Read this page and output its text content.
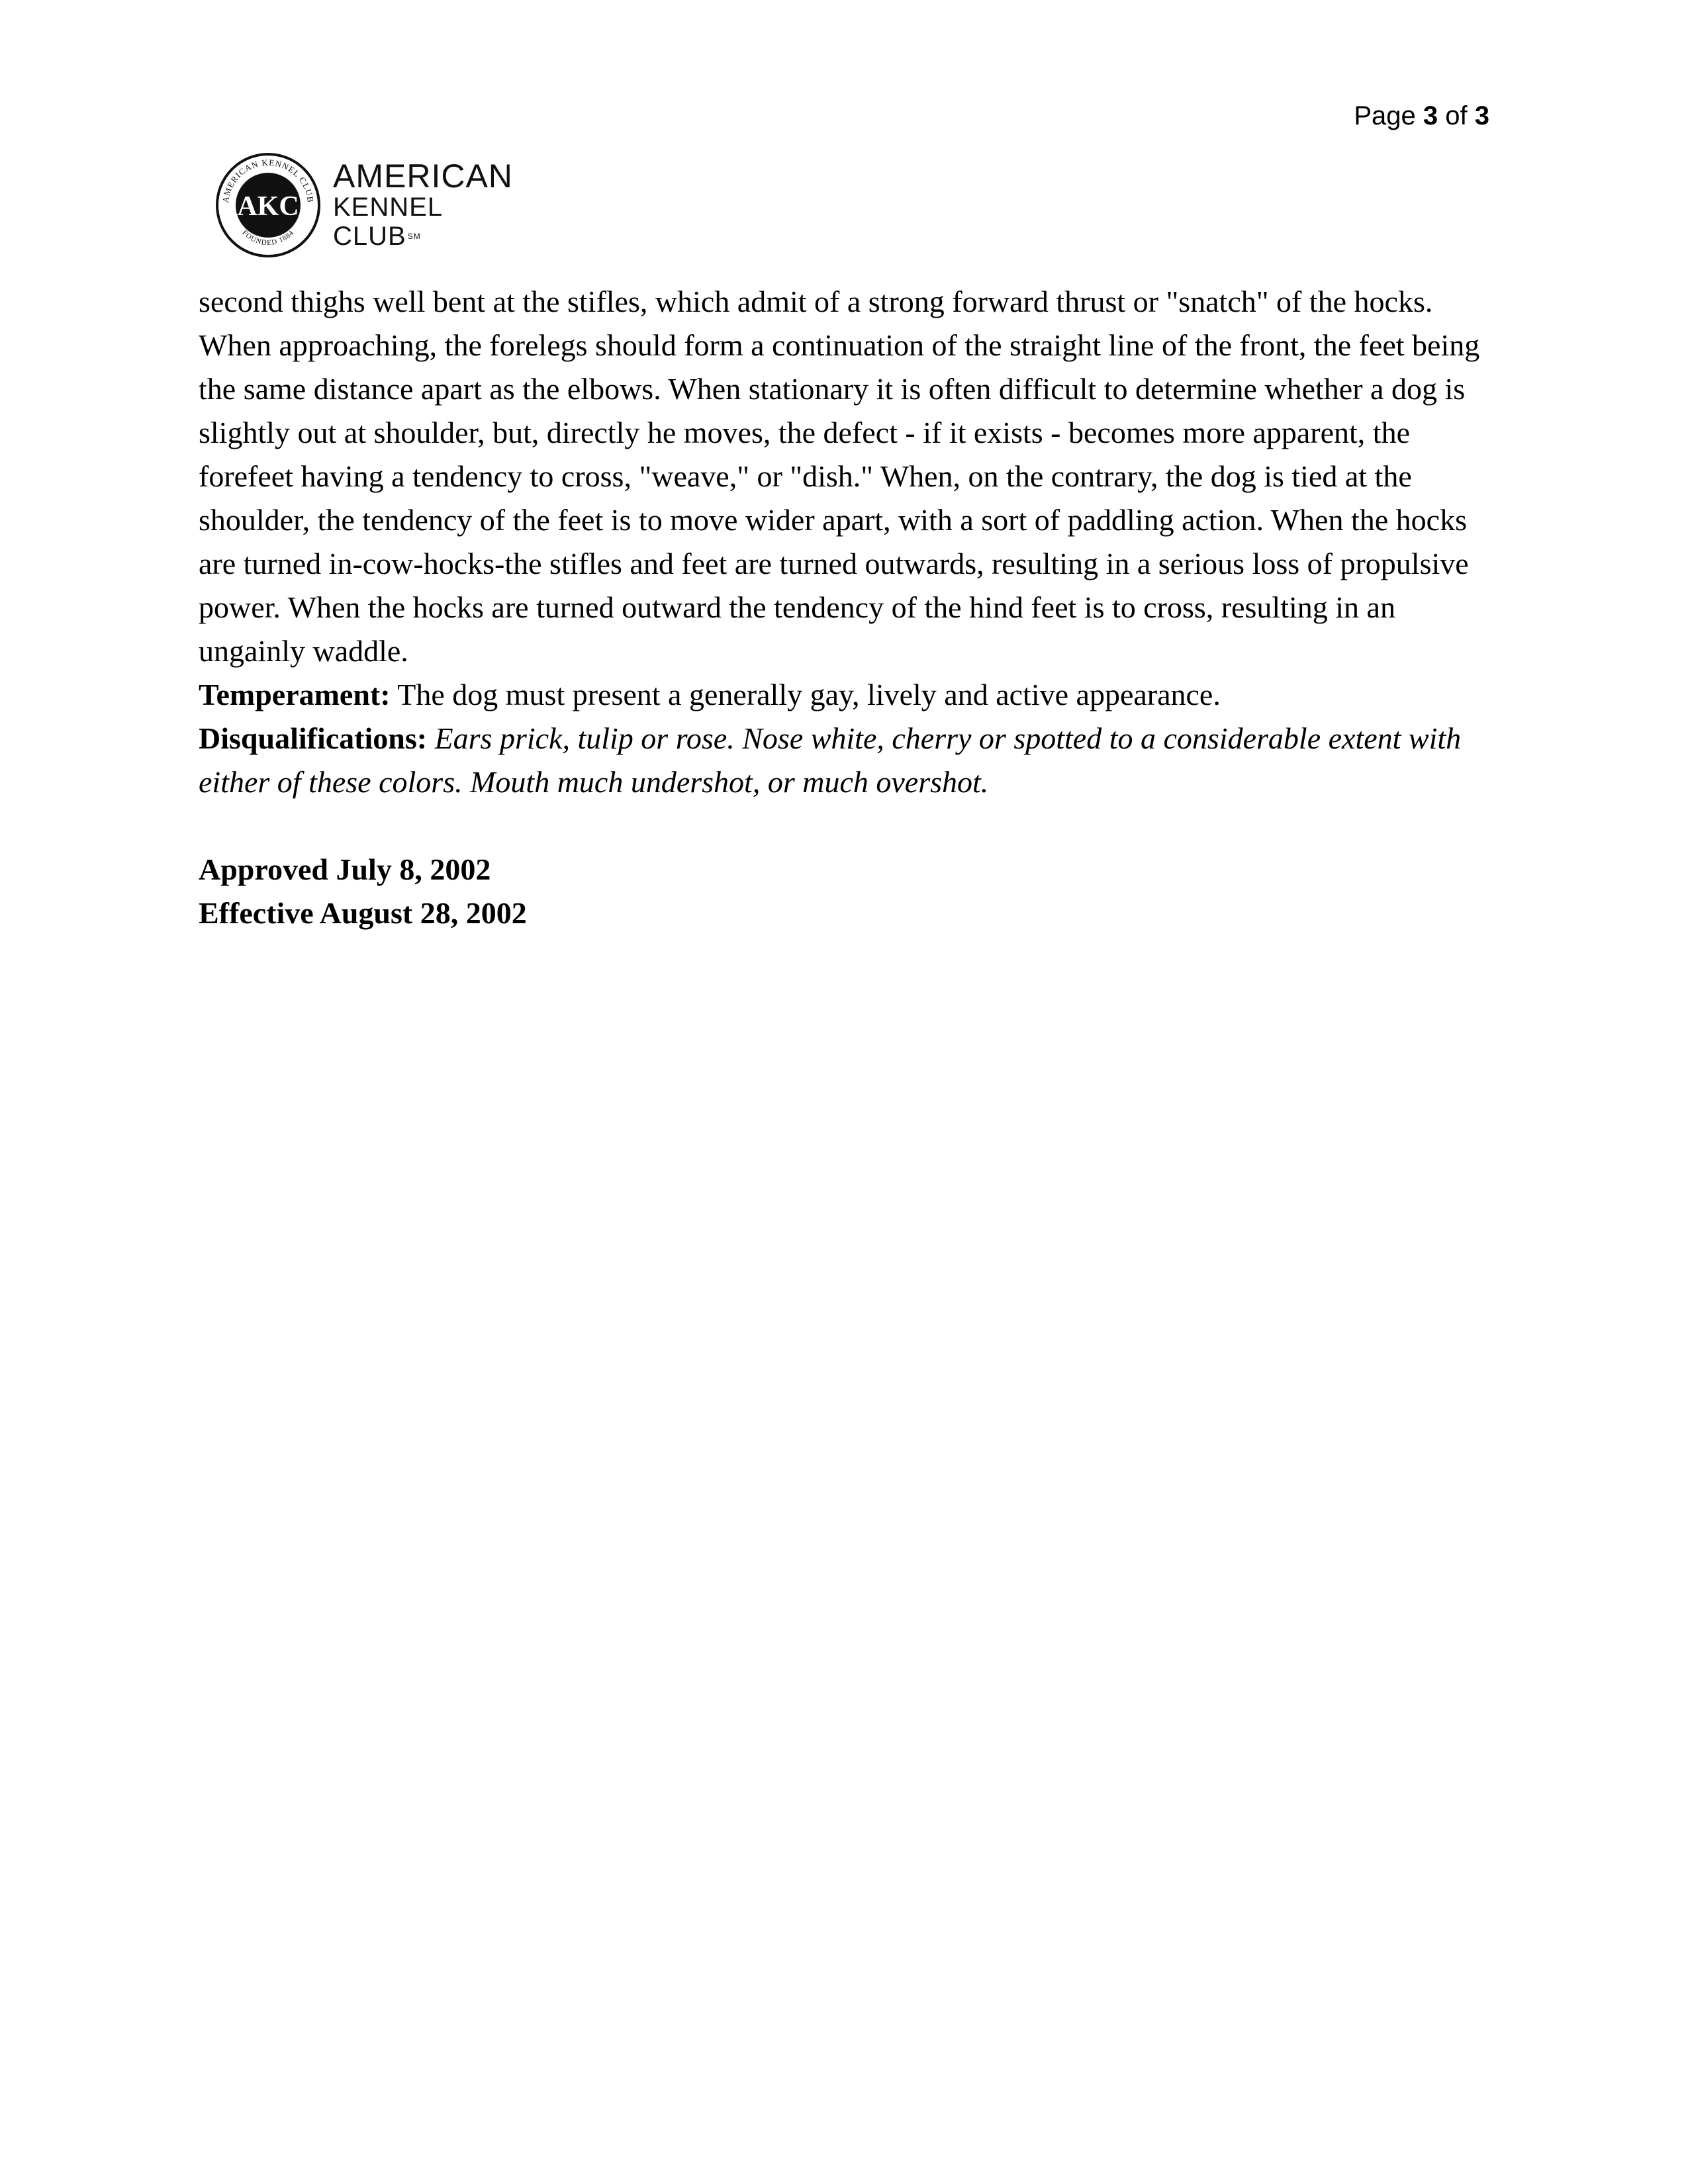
Page 3 of 3
AMERICAN KENNEL CLUB
FOUNDED 1884
AKC
AMERICAN
KENNEL CLUB ℠

second thighs well bent at the stifles, which admit of a strong forward thrust or "snatch" of the hocks. When approaching, the forelegs should form a continuation of the straight line of the front, the feet being the same distance apart as the elbows. When stationary it is often difficult to determine whether a dog is slightly out at shoulder, but, directly he moves, the defect - if it exists - becomes more apparent, the forefeet having a tendency to cross, "weave," or "dish." When, on the contrary, the dog is tied at the shoulder, the tendency of the feet is to move wider apart, with a sort of paddling action. When the hocks are turned in-cow-hocks-the stifles and feet are turned outwards, resulting in a serious loss of propulsive power. When the hocks are turned outward the tendency of the hind feet is to cross, resulting in an ungainly waddle.

Temperament: The dog must present a generally gay, lively and active appearance.

Disqualifications: Ears prick, tulip or rose. Nose white, cherry or spotted to a considerable extent with either of these colors. Mouth much undershot, or much overshot.

Approved July 8, 2002
Effective August 28, 2002
